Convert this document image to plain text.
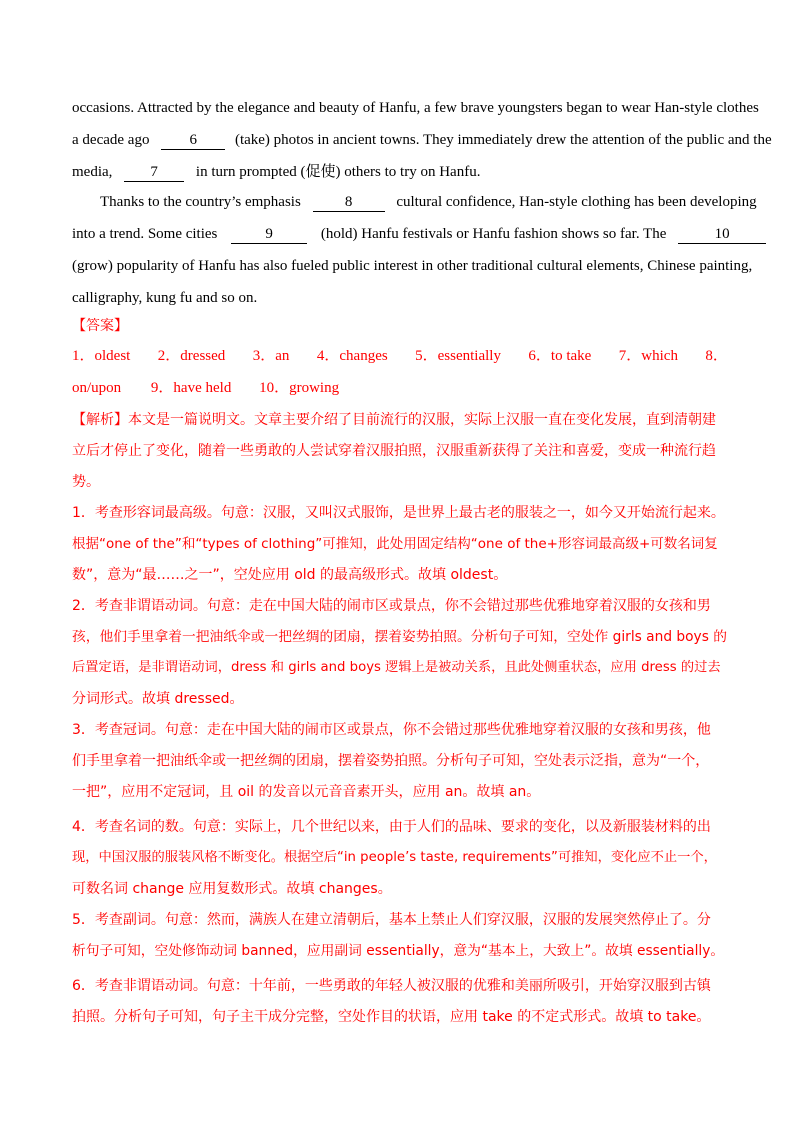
occasions. Attracted by the elegance and beauty of Hanfu, a few brave youngsters began to wear Han-style clothes
a decade ago	6	(take) photos in ancient towns. They immediately drew the attention of the public and the
media,	7	in turn prompted (促使) others to try on Hanfu.
Thanks to the country’s emphasis	8	cultural confidence, Han-style clothing has been developing
into a trend. Some cities	9	(hold) Hanfu festivals or Hanfu fashion shows so far. The	10
(grow) popularity of Hanfu has also fueled public interest in other traditional cultural elements, Chinese painting,
calligraphy, kung fu and so on.
【答案】
1．oldest 2．dressed 3．an 4．changes 5．essentially 6．to take 7．which 8．
on/upon 9．have held 10．growing
【解析】本文是一篇说明文。文章主要介绍了目前流行的汉服，实际上汉服一直在变化发展，直到清朝建
立后才停止了变化，随着一些勇敢的人尝试穿着汉服拍照，汉服重新获得了关注和喜爱，变成一种流行趋
势。
1．考查形容词最高级。句意：汉服，又叫汉式服饰，是世界上最古老的服装之一，如今又开始流行起来。
根据“one of the”和“types of clothing”可推知，此处用固定结构“one of the+形容词最高级+可数名词复
数”，意为“最……之一”，空处应用 old 的最高级形式。故填 oldest。
2．考查非谓语动词。句意：走在中国大陆的闹市区或景点，你不会错过那些优雅地穿着汉服的女孩和男
孩，他们手里拿着一把油纸伞或一把丝绸的团扇，摆着姿势拍照。分析句子可知，空处作 girls and boys 的
后置定语，是非谓语动词，dress 和 girls and boys 逻辑上是被动关系，且此处侧重状态，应用 dress 的过去
分词形式。故填 dressed。
3．考查冠词。句意：走在中国大陆的闹市区或景点，你不会错过那些优雅地穿着汉服的女孩和男孩，他
们手里拿着一把油纸伞或一把丝绸的团扇，摆着姿势拍照。分析句子可知，空处表示泛指，意为“一个，
一把”，应用不定冠词，且 oil 的发音以元音音素开头，应用 an。故填 an。
4．考查名词的数。句意：实际上，几个世纪以来，由于人们的品味、要求的变化，以及新服装材料的出
现，中国汉服的服装风格不断变化。根据空后“in people’s taste, requirements”可推知，变化应不止一个，
可数名词 change 应用复数形式。故填 changes。
5．考查副词。句意：然而，满族人在建立清朝后，基本上禁止人们穿汉服，汉服的发展突然停止了。分
析句子可知，空处修饰动词 banned，应用副词 essentially，意为“基本上，大致上”。故填 essentially。
6．考查非谓语动词。句意：十年前，一些勇敢的年轻人被汉服的优雅和美丽所吸引，开始穿汉服到古镇
拍照。分析句子可知，句子主干成分完整，空处作目的状语，应用 take 的不定式形式。故填 to take。
